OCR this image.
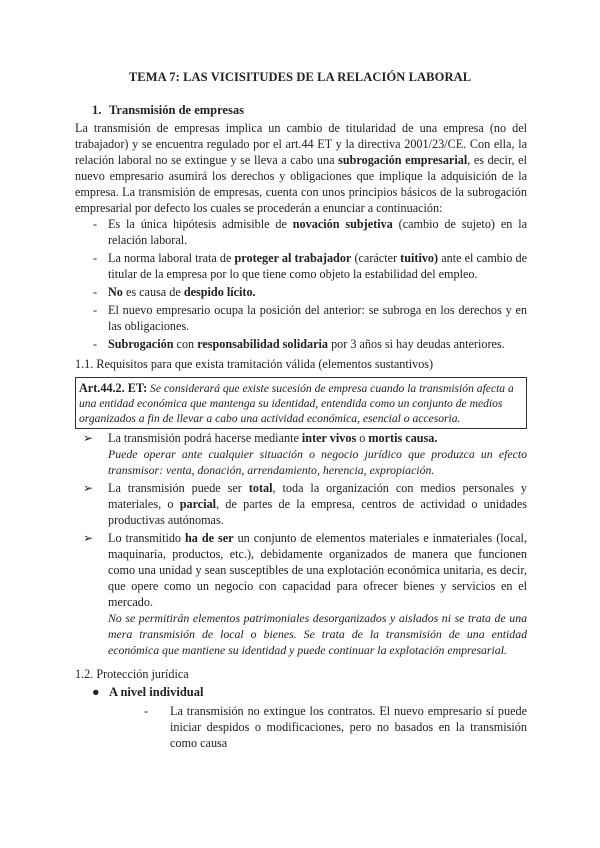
TEMA 7: LAS VICISITUDES DE LA RELACIÓN LABORAL
1. Transmisión de empresas
La transmisión de empresas implica un cambio de titularidad de una empresa (no del trabajador) y se encuentra regulado por el art.44 ET y la directiva 2001/23/CE. Con ella, la relación laboral no se extingue y se lleva a cabo una subrogación empresarial, es decir, el nuevo empresario asumirá los derechos y obligaciones que implique la adquisición de la empresa. La transmisión de empresas, cuenta con unos principios básicos de la subrogación empresarial por defecto los cuales se procederán a enunciar a continuación:
- Es la única hipótesis admisible de novación subjetiva (cambio de sujeto) en la relación laboral.
- La norma laboral trata de proteger al trabajador (carácter tuitivo) ante el cambio de titular de la empresa por lo que tiene como objeto la estabilidad del empleo.
- No es causa de despido lícito.
- El nuevo empresario ocupa la posición del anterior: se subroga en los derechos y en las obligaciones.
- Subrogación con responsabilidad solidaria por 3 años si hay deudas anteriores.
1.1. Requisitos para que exista tramitación válida (elementos sustantivos)
Art.44.2. ET: Se considerará que existe sucesión de empresa cuando la transmisión afecta a una entidad económica que mantenga su identidad, entendida como un conjunto de medios organizados a fin de llevar a cabo una actividad económica, esencial o accesoria.
➢	La transmisión podrá hacerse mediante inter vivos o mortis causa.
Puede operar ante cualquier situación o negocio jurídico que produzca un efecto transmisor: venta, donación, arrendamiento, herencia, expropiación.
➢	La transmisión puede ser total, toda la organización con medios personales y materiales, o parcial, de partes de la empresa, centros de actividad o unidades productivas autónomas.
➢	Lo transmitido ha de ser un conjunto de elementos materiales e inmateriales (local, maquinaria, productos, etc.), debidamente organizados de manera que funcionen como una unidad y sean susceptibles de una explotación económica unitaria, es decir, que opere como un negocio con capacidad para ofrecer bienes y servicios en el mercado.
No se permitirán elementos patrimoniales desorganizados y aislados ni se trata de una mera transmisión de local o bienes. Se trata de la transmisión de una entidad económica que mantiene su identidad y puede continuar la explotación empresarial.
1.2. Protección jurídica
● A nivel individual
-	La transmisión no extingue los contratos. El nuevo empresario sí puede iniciar despidos o modificaciones, pero no basados en la transmisión como causa
